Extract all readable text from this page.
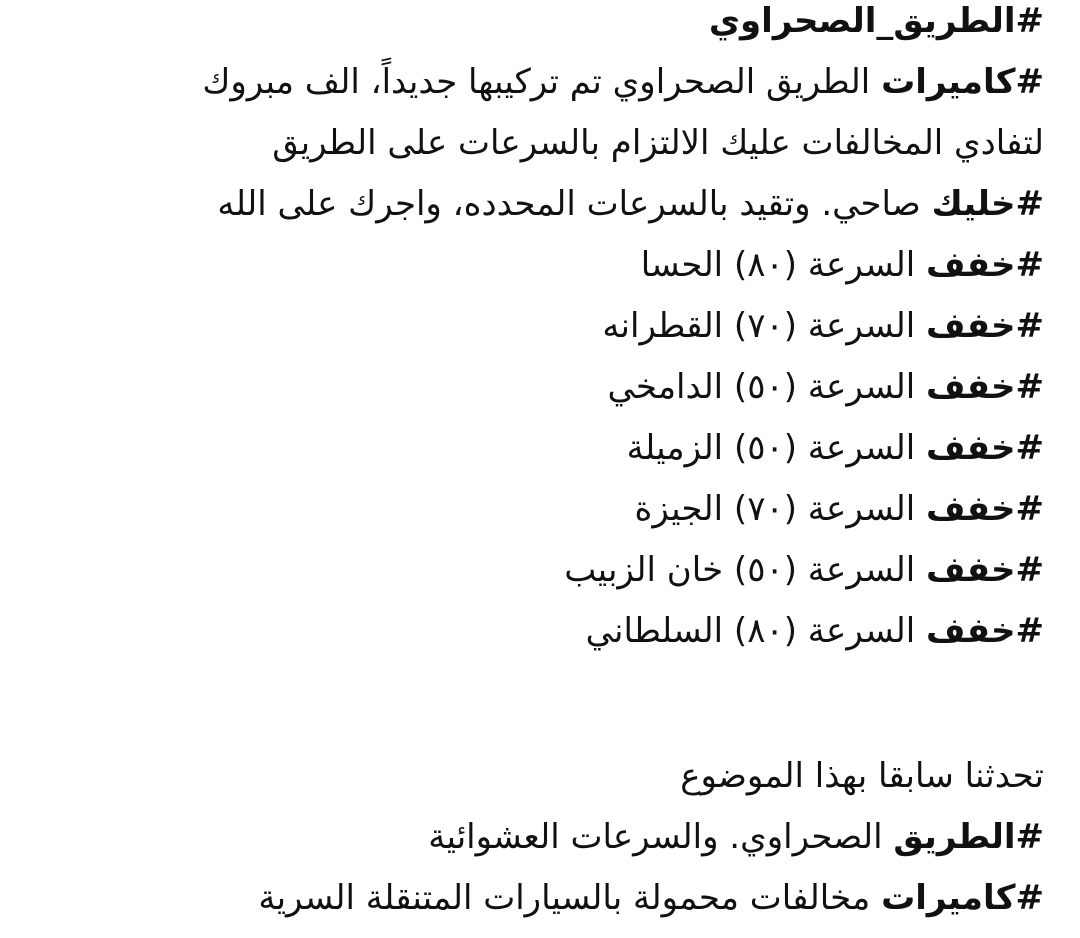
#الطريق_الصحراوي
#كاميرات الطريق الصحراوي تم تركيبها جديداً، الف مبروك
لتفادي المخالفات عليك الالتزام بالسرعات على الطريق
#خليك صاحي. وتقيد بالسرعات المحدده، واجرك على الله
#خفف السرعة (٨٠) الحسا
#خفف السرعة (٧٠) القطرانه
#خفف السرعة (٥٠) الدامخي
#خفف السرعة (٥٠) الزميلة
#خفف السرعة (٧٠) الجيزة
#خفف السرعة (٥٠) خان الزبيب
#خفف السرعة (٨٠) السلطاني
تحدثنا سابقا بهذا الموضوع
#الطريق الصحراوي. والسرعات العشوائية
#كاميرات مخالفات محمولة بالسيارات المتنقلة السرية
